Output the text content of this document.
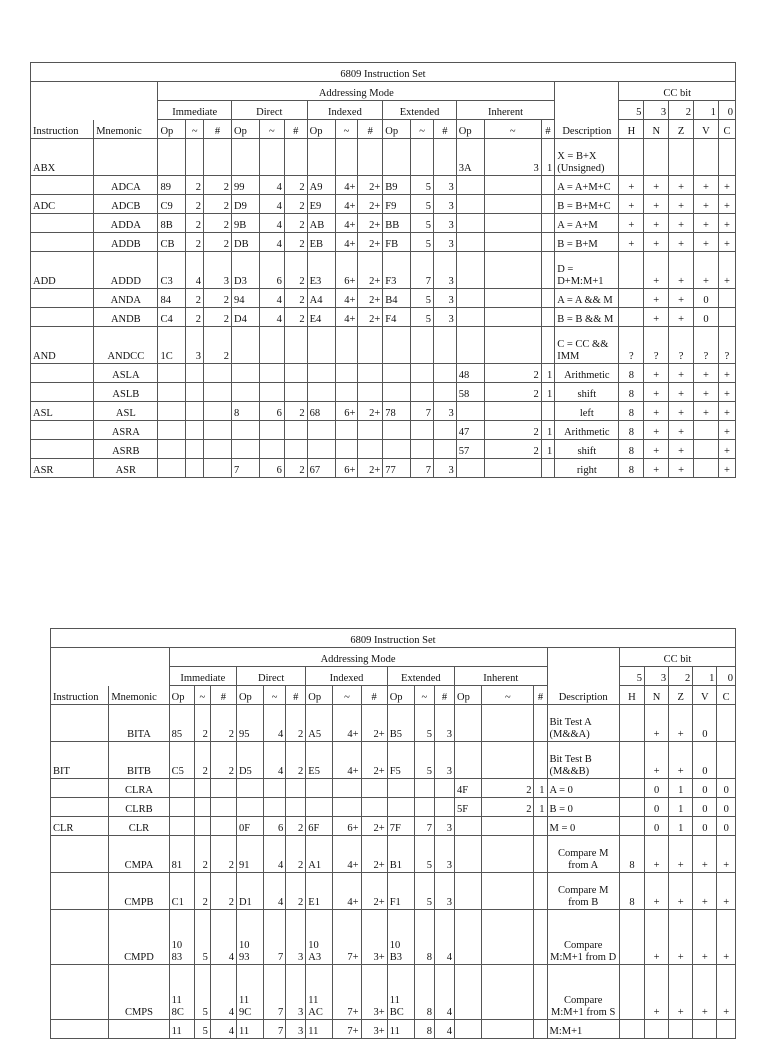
6809 Instruction Set																						
		Addressing Mode																CC bit				
		Immediate			Direct			Indexed			Extended			Inherent				5	3	2	1	0
Instruction	Mnemonic	Op	~	#	Op	~	#	Op	~	#	Op	~	#	Op	~	#	Description	H	N	Z	V	C
ABX														3A	3	1	X = B+X (Unsigned)					
	ADCA	89	2	2	99	4	2	A9	4+	2+	B9	5	3				A = A+M+C	+	+	+	+	+
ADC	ADCB	C9	2	2	D9	4	2	E9	4+	2+	F9	5	3				B = B+M+C	+	+	+	+	+
	ADDA	8B	2	2	9B	4	2	AB	4+	2+	BB	5	3				A = A+M	+	+	+	+	+
	ADDB	CB	2	2	DB	4	2	EB	4+	2+	FB	5	3				B = B+M	+	+	+	+	+
ADD	ADDD	C3	4	3	D3	6	2	E3	6+	2+	F3	7	3				D = D+M:M+1		+	+	+	+
	ANDA	84	2	2	94	4	2	A4	4+	2+	B4	5	3				A = A && M		+	+	0	
	ANDB	C4	2	2	D4	4	2	E4	4+	2+	F4	5	3				B = B && M		+	+	0	
AND	ANDCC	1C	3	2													C = CC && IMM	?	?	?	?	?
	ASLA													48	2	1	Arithmetic	8	+	+	+	+
	ASLB													58	2	1	shift	8	+	+	+	+
ASL	ASL				8	6	2	68	6+	2+	78	7	3				left	8	+	+	+	+
	ASRA													47	2	1	Arithmetic	8	+	+		+
	ASRB													57	2	1	shift	8	+	+		+
ASR	ASR				7	6	2	67	6+	2+	77	7	3				right	8	+	+		+
6809 Instruction Set																						
		Addressing Mode																CC bit				
		Immediate			Direct			Indexed			Extended			Inherent				5	3	2	1	0
Instruction	Mnemonic	Op	~	#	Op	~	#	Op	~	#	Op	~	#	Op	~	#	Description	H	N	Z	V	C
	BITA	85	2	2	95	4	2	A5	4+	2+	B5	5	3				Bit Test A (M&&A)		+	+	0	
BIT	BITB	C5	2	2	D5	4	2	E5	4+	2+	F5	5	3				Bit Test B (M&&B)		+	+	0	
	CLRA													4F	2	1	A = 0		0	1	0	0
	CLRB													5F	2	1	B = 0		0	1	0	0
CLR	CLR				0F	6	2	6F	6+	2+	7F	7	3				M = 0		0	1	0	0
	CMPA	81	2	2	91	4	2	A1	4+	2+	B1	5	3				Compare M from A	8	+	+	+	+
	CMPB	C1	2	2	D1	4	2	E1	4+	2+	F1	5	3				Compare M from B	8	+	+	+	+
	CMPD	10 83	5	4	10 93	7	3	10 A3	7+	3+	10 B3	8	4				Compare M:M+1 from D		+	+	+	+
	CMPS	11 8C	5	4	11 9C	7	3	11 AC	7+	3+	11 BC	8	4				Compare M:M+1 from S		+	+	+	+
		11	5	4	11	7	3	11	7+	3+	11	8	4				M:M+1					
